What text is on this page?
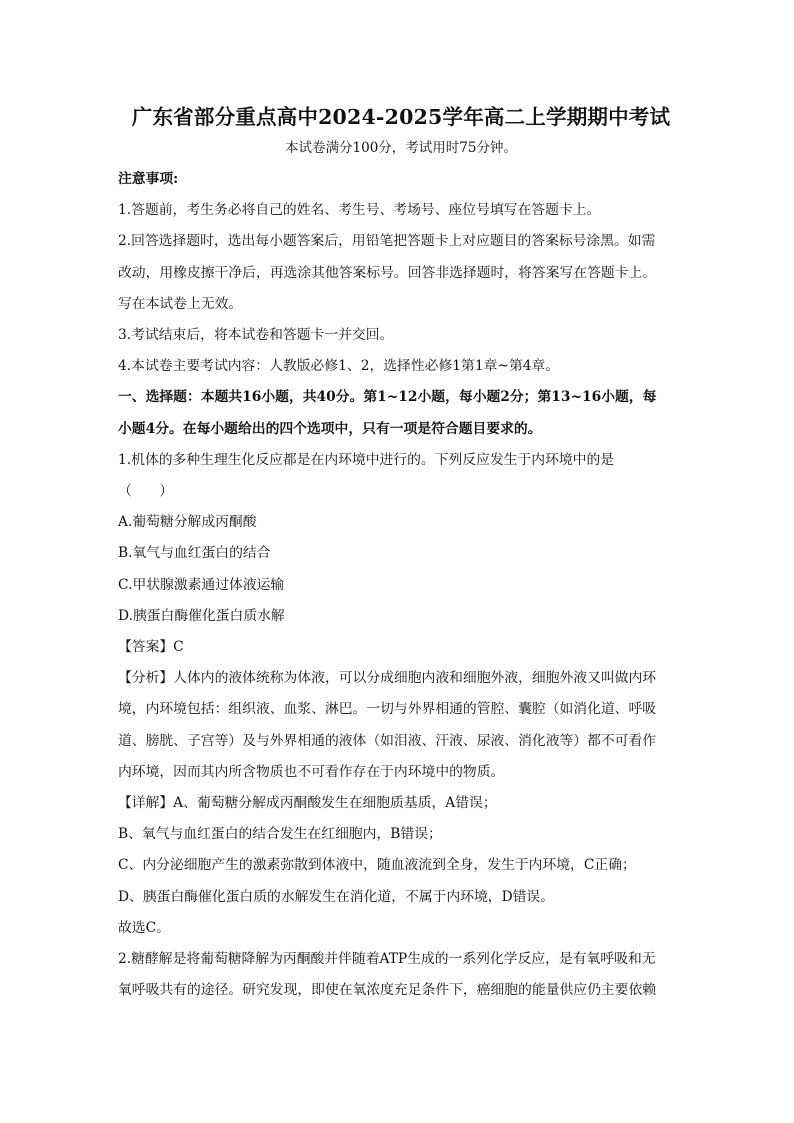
广东省部分重点高中2024-2025学年高二上学期期中考试

本试卷满分100分，考试用时75分钟。

注意事项:

1.答题前，考生务必将自己的姓名、考生号、考场号、座位号填写在答题卡上。

2.回答选择题时，选出每小题答案后，用铅笔把答题卡上对应题目的答案标号涂黑。如需

改动，用橡皮擦干净后，再选涂其他答案标号。回答非选择题时，将答案写在答题卡上。

写在本试卷上无效。

3.考试结束后，将本试卷和答题卡一并交回。

4.本试卷主要考试内容：人教版必修1、2，选择性必修1第1章~第4章。

一、选择题：本题共16小题，共40分。第1~12小题，每小题2分；第13~16小题，每

小题4分。在每小题给出的四个选项中，只有一项是符合题目要求的。

1.机体的多种生理生化反应都是在内环境中进行的。下列反应发生于内环境中的是

（　　）

A.葡萄糖分解成丙酮酸

B.氧气与血红蛋白的结合

C.甲状腺激素通过体液运输

D.胰蛋白酶催化蛋白质水解

【答案】C

【分析】人体内的液体统称为体液，可以分成细胞内液和细胞外液，细胞外液又叫做内环

境，内环境包括：组织液、血浆、淋巴。一切与外界相通的管腔、囊腔（如消化道、呼吸

道、膀胱、子宫等）及与外界相通的液体（如泪液、汗液、尿液、消化液等）都不可看作

内环境，因而其内所含物质也不可看作存在于内环境中的物质。

【详解】A、葡萄糖分解成丙酮酸发生在细胞质基质，A错误；

B、氧气与血红蛋白的结合发生在红细胞内，B错误；

C、内分泌细胞产生的激素弥散到体液中，随血液流到全身，发生于内环境，C正确；

D、胰蛋白酶催化蛋白质的水解发生在消化道，不属于内环境，D错误。

故选C。

2.糖酵解是将葡萄糖降解为丙酮酸并伴随着ATP生成的一系列化学反应，是有氧呼吸和无

氧呼吸共有的途径。研究发现，即使在氧浓度充足条件下，癌细胞的能量供应仍主要依赖
